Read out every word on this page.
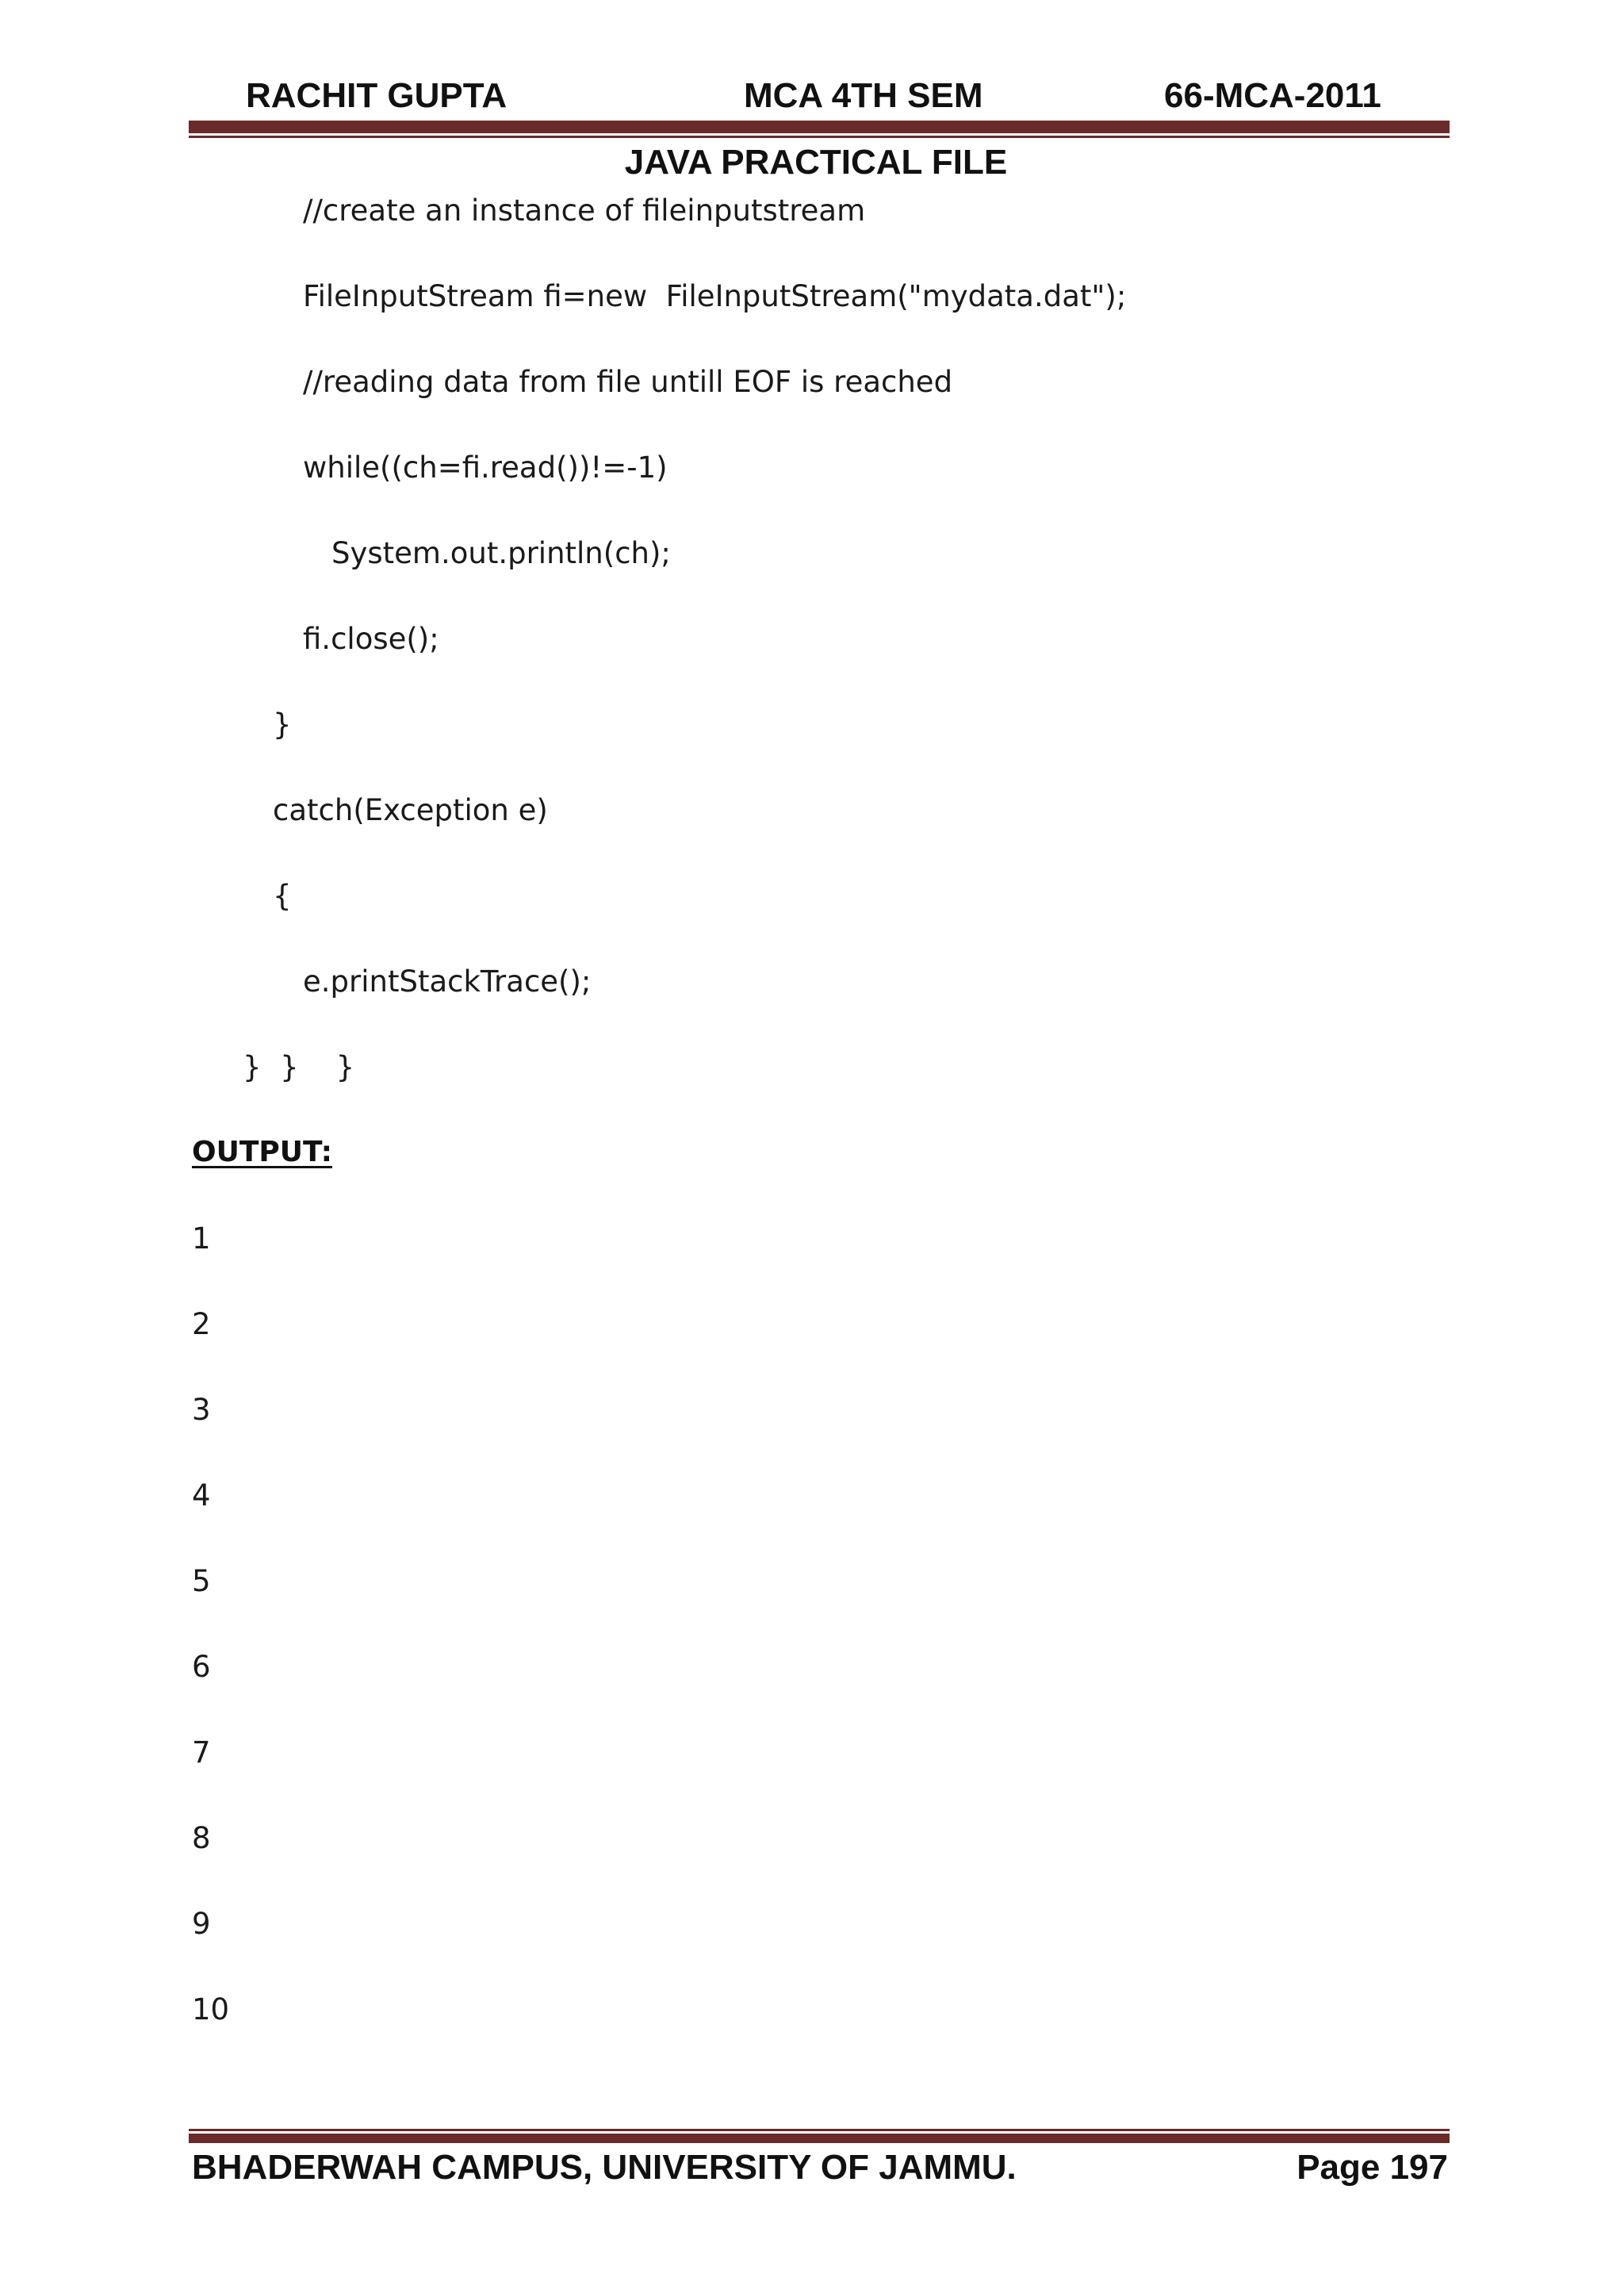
RACHIT GUPTA	MCA 4TH SEM	66-MCA-2011
JAVA PRACTICAL FILE
//create an instance of fileinputstream
FileInputStream fi=new  FileInputStream("mydata.dat");
//reading data from file untill EOF is reached
while((ch=fi.read())!=-1)
System.out.println(ch);
fi.close();
}
catch(Exception e)
{
e.printStackTrace();
}  }    }
OUTPUT:
1
2
3
4
5
6
7
8
9
10
BHADERWAH CAMPUS, UNIVERSITY OF JAMMU.	Page 197
